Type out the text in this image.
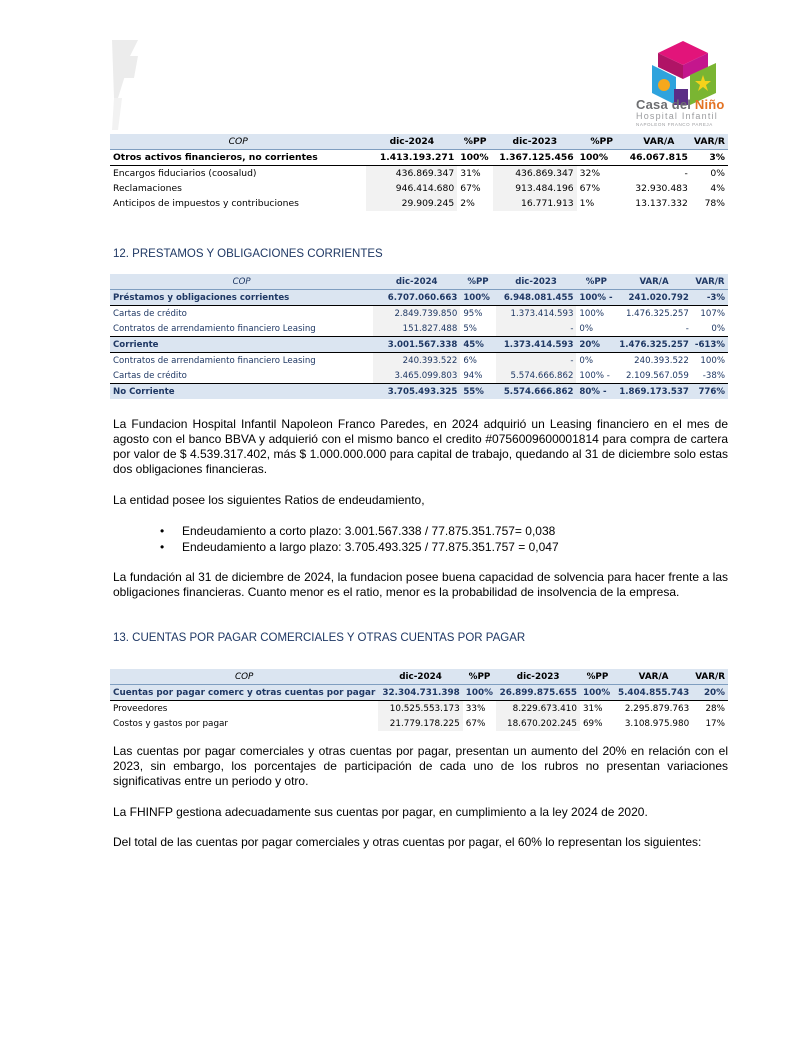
Casa del Niño
Hospital Infantil
NAPOLEON FRANCO PAREJA
COP	dic-2024	%PP	dic-2023	%PP	VAR/A	VAR/R
Otros activos financieros, no corrientes	1.413.193.271	100%	1.367.125.456	100%	46.067.815	3%
Encargos fiduciarios (coosalud)	436.869.347	31%	436.869.347	32%	-	0%
Reclamaciones	946.414.680	67%	913.484.196	67%	32.930.483	4%
Anticipos de impuestos y contribuciones	29.909.245	2%	16.771.913	1%	13.137.332	78%
12. PRESTAMOS Y OBLIGACIONES CORRIENTES
COP	dic-2024	%PP	dic-2023	%PP	VAR/A	VAR/R
Préstamos y obligaciones corrientes	6.707.060.663	100%	6.948.081.455	100% -	241.020.792	-3%
Cartas de crédito	2.849.739.850	95%	1.373.414.593	100%	1.476.325.257	107%
Contratos de arrendamiento financiero Leasing	151.827.488	5%	-	0%	-	0%
Corriente	3.001.567.338	45%	1.373.414.593	20%	1.476.325.257	-613%
Contratos de arrendamiento financiero Leasing	240.393.522	6%	-	0%	240.393.522	100%
Cartas de crédito	3.465.099.803	94%	5.574.666.862	100% -	2.109.567.059	-38%
No Corriente	3.705.493.325	55%	5.574.666.862	80% -	1.869.173.537	776%
La Fundacion Hospital Infantil Napoleon Franco Paredes, en 2024 adquirió un Leasing financiero en el mes de agosto con el banco BBVA y adquierió con el mismo banco el credito #0756009600001814 para compra de cartera por valor de $ 4.539.317.402, más $ 1.000.000.000 para capital de trabajo, quedando al 31 de diciembre solo estas dos obligaciones financieras.
La entidad posee los siguientes Ratios de endeudamiento,
• Endeudamiento a corto plazo: 3.001.567.338 / 77.875.351.757= 0,038
• Endeudamiento a largo plazo: 3.705.493.325 / 77.875.351.757 = 0,047
La fundación al 31 de diciembre de 2024, la fundacion posee buena capacidad de solvencia para hacer frente a las obligaciones financieras. Cuanto menor es el ratio, menor es la probabilidad de insolvencia de la empresa.
13. CUENTAS POR PAGAR COMERCIALES Y OTRAS CUENTAS POR PAGAR
COP	dic-2024	%PP	dic-2023	%PP	VAR/A	VAR/R
Cuentas por pagar comerc y otras cuentas por pagar	32.304.731.398	100%	26.899.875.655	100%	5.404.855.743	20%
Proveedores	10.525.553.173	33%	8.229.673.410	31%	2.295.879.763	28%
Costos y gastos por pagar	21.779.178.225	67%	18.670.202.245	69%	3.108.975.980	17%
Las cuentas por pagar comerciales y otras cuentas por pagar, presentan un aumento del 20% en relación con el 2023, sin embargo, los porcentajes de participación de cada uno de los rubros no presentan variaciones significativas entre un periodo y otro.
La FHINFP gestiona adecuadamente sus cuentas por pagar, en cumplimiento a la ley 2024 de 2020.
Del total de las cuentas por pagar comerciales y otras cuentas por pagar, el 60% lo representan los siguientes:
